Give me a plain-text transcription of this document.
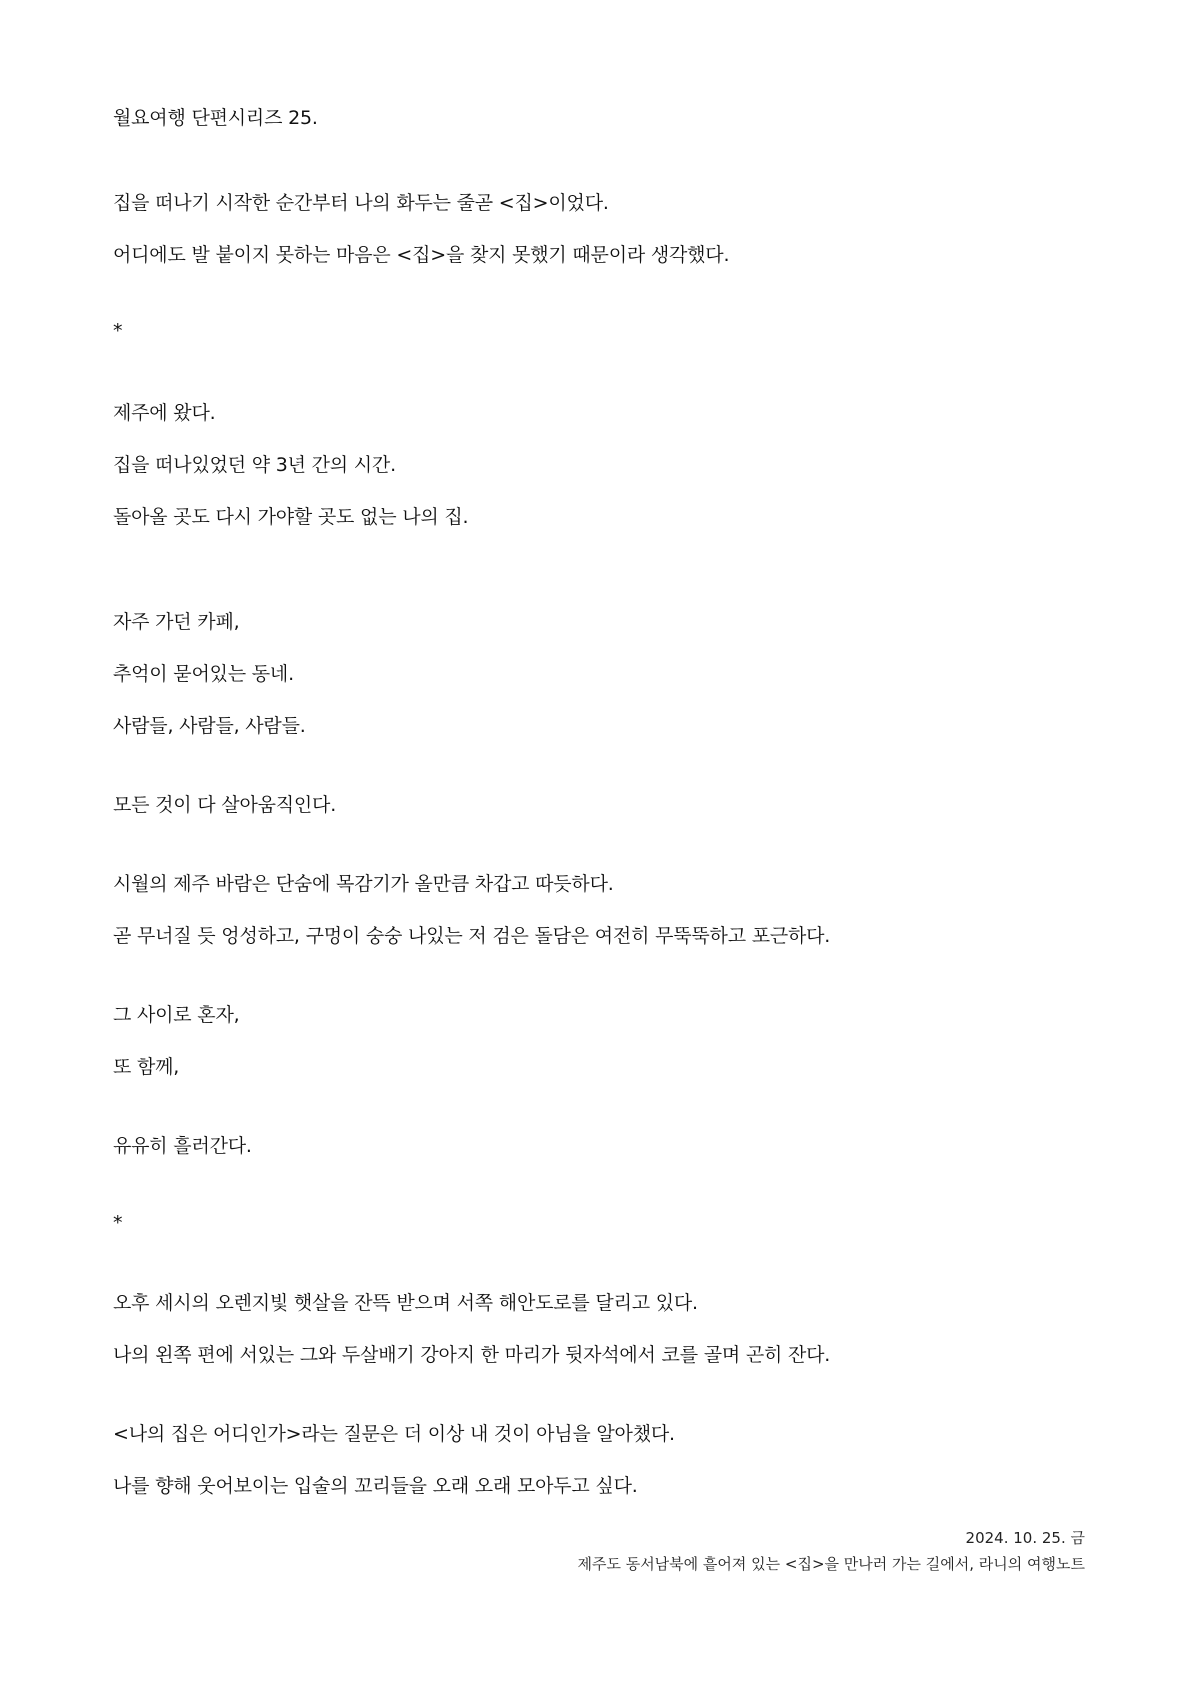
월요여행 단편시리즈 25.
집을 떠나기 시작한 순간부터 나의 화두는 줄곧 <집>이었다.
어디에도 발 붙이지 못하는 마음은 <집>을 찾지 못했기 때문이라 생각했다.
*
제주에 왔다.
집을 떠나있었던 약 3년 간의 시간.
돌아올 곳도 다시 가야할 곳도 없는 나의 집.
자주 가던 카페,
추억이 묻어있는 동네.
사람들, 사람들, 사람들.
모든 것이 다 살아움직인다.
시월의 제주 바람은 단숨에 목감기가 올만큼 차갑고 따듯하다.
곧 무너질 듯 엉성하고, 구멍이 숭숭 나있는 저 검은 돌담은 여전히 무뚝뚝하고 포근하다.
그 사이로 혼자,
또 함께,
유유히 흘러간다.
*
오후 세시의 오렌지빛 햇살을 잔뜩 받으며 서쪽 해안도로를 달리고 있다.
나의 왼쪽 편에 서있는 그와 두살배기 강아지 한 마리가 뒷자석에서 코를 골며 곤히 잔다.
<나의 집은 어디인가>라는 질문은 더 이상 내 것이 아님을 알아챘다.
나를 향해 웃어보이는 입술의 꼬리들을 오래 오래 모아두고 싶다.
2024. 10. 25. 금
제주도 동서남북에 흩어져 있는 <집>을 만나러 가는 길에서, 라니의 여행노트
